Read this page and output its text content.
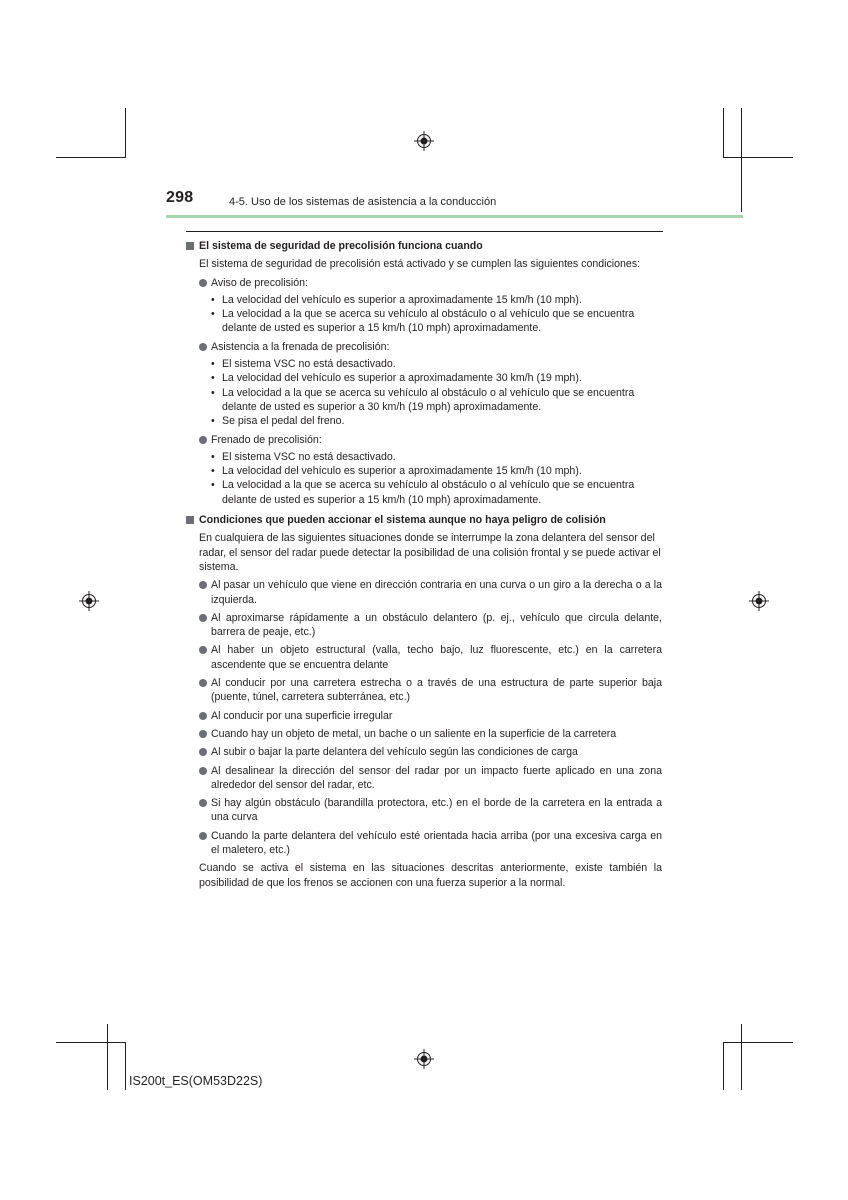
298	4-5. Uso de los sistemas de asistencia a la conducción
El sistema de seguridad de precolisión funciona cuando
El sistema de seguridad de precolisión está activado y se cumplen las siguientes condiciones:
Aviso de precolisión:
• La velocidad del vehículo es superior a aproximadamente 15 km/h (10 mph).
• La velocidad a la que se acerca su vehículo al obstáculo o al vehículo que se encuentra delante de usted es superior a 15 km/h (10 mph) aproximadamente.
Asistencia a la frenada de precolisión:
• El sistema VSC no está desactivado.
• La velocidad del vehículo es superior a aproximadamente 30 km/h (19 mph).
• La velocidad a la que se acerca su vehículo al obstáculo o al vehículo que se encuentra delante de usted es superior a 30 km/h (19 mph) aproximadamente.
• Se pisa el pedal del freno.
Frenado de precolisión:
• El sistema VSC no está desactivado.
• La velocidad del vehículo es superior a aproximadamente 15 km/h (10 mph).
• La velocidad a la que se acerca su vehículo al obstáculo o al vehículo que se encuentra delante de usted es superior a 15 km/h (10 mph) aproximadamente.
Condiciones que pueden accionar el sistema aunque no haya peligro de colisión
En cualquiera de las siguientes situaciones donde se interrumpe la zona delantera del sensor del radar, el sensor del radar puede detectar la posibilidad de una colisión frontal y se puede activar el sistema.
Al pasar un vehículo que viene en dirección contraria en una curva o un giro a la derecha o a la izquierda.
Al aproximarse rápidamente a un obstáculo delantero (p. ej., vehículo que circula delante, barrera de peaje, etc.)
Al haber un objeto estructural (valla, techo bajo, luz fluorescente, etc.) en la carretera ascendente que se encuentra delante
Al conducir por una carretera estrecha o a través de una estructura de parte superior baja (puente, túnel, carretera subterránea, etc.)
Al conducir por una superficie irregular
Cuando hay un objeto de metal, un bache o un saliente en la superficie de la carretera
Al subir o bajar la parte delantera del vehículo según las condiciones de carga
Al desalinear la dirección del sensor del radar por un impacto fuerte aplicado en una zona alrededor del sensor del radar, etc.
Si hay algún obstáculo (barandilla protectora, etc.) en el borde de la carretera en la entrada a una curva
Cuando la parte delantera del vehículo esté orientada hacia arriba (por una excesiva carga en el maletero, etc.)
Cuando se activa el sistema en las situaciones descritas anteriormente, existe también la posibilidad de que los frenos se accionen con una fuerza superior a la normal.
IS200t_ES(OM53D22S)
